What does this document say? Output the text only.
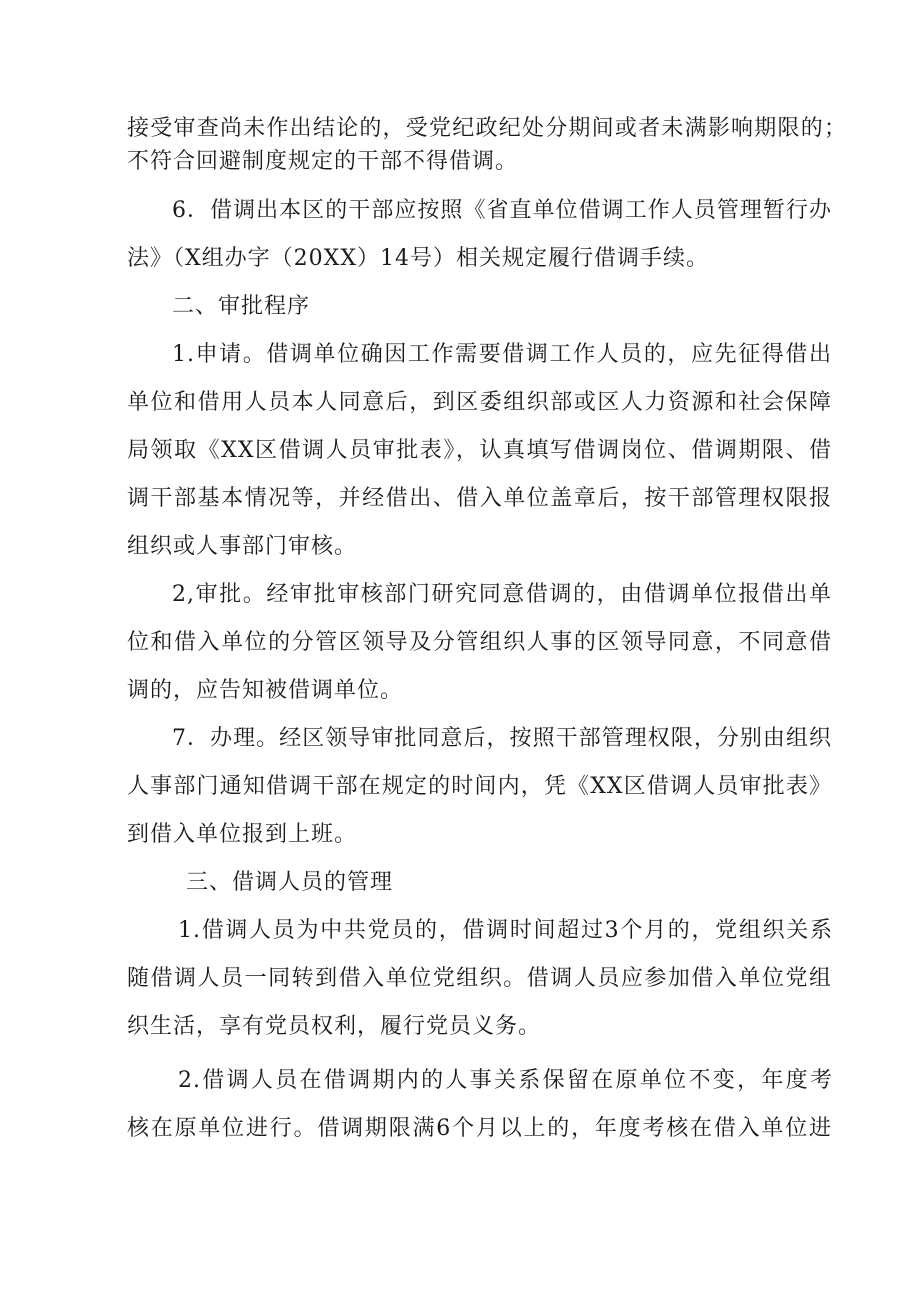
接受审查尚未作出结论的，受党纪政纪处分期间或者未满影响期限的；
不符合回避制度规定的干部不得借调。
6．借调出本区的干部应按照《省直单位借调工作人员管理暂行办
法》（X组办字（20XX）14号）相关规定履行借调手续。
二、审批程序
1.申请。借调单位确因工作需要借调工作人员的，应先征得借出
单位和借用人员本人同意后，到区委组织部或区人力资源和社会保障
局领取《XX区借调人员审批表》，认真填写借调岗位、借调期限、借
调干部基本情况等，并经借出、借入单位盖章后，按干部管理权限报
组织或人事部门审核。
2,审批。经审批审核部门研究同意借调的，由借调单位报借出单
位和借入单位的分管区领导及分管组织人事的区领导同意，不同意借
调的，应告知被借调单位。
7．办理。经区领导审批同意后，按照干部管理权限，分别由组织
人事部门通知借调干部在规定的时间内，凭《XX区借调人员审批表》
到借入单位报到上班。
三、借调人员的管理
1.借调人员为中共党员的，借调时间超过3个月的，党组织关系
随借调人员一同转到借入单位党组织。借调人员应参加借入单位党组
织生活，享有党员权利，履行党员义务。
2.借调人员在借调期内的人事关系保留在原单位不变，年度考
核在原单位进行。借调期限满6个月以上的，年度考核在借入单位进
